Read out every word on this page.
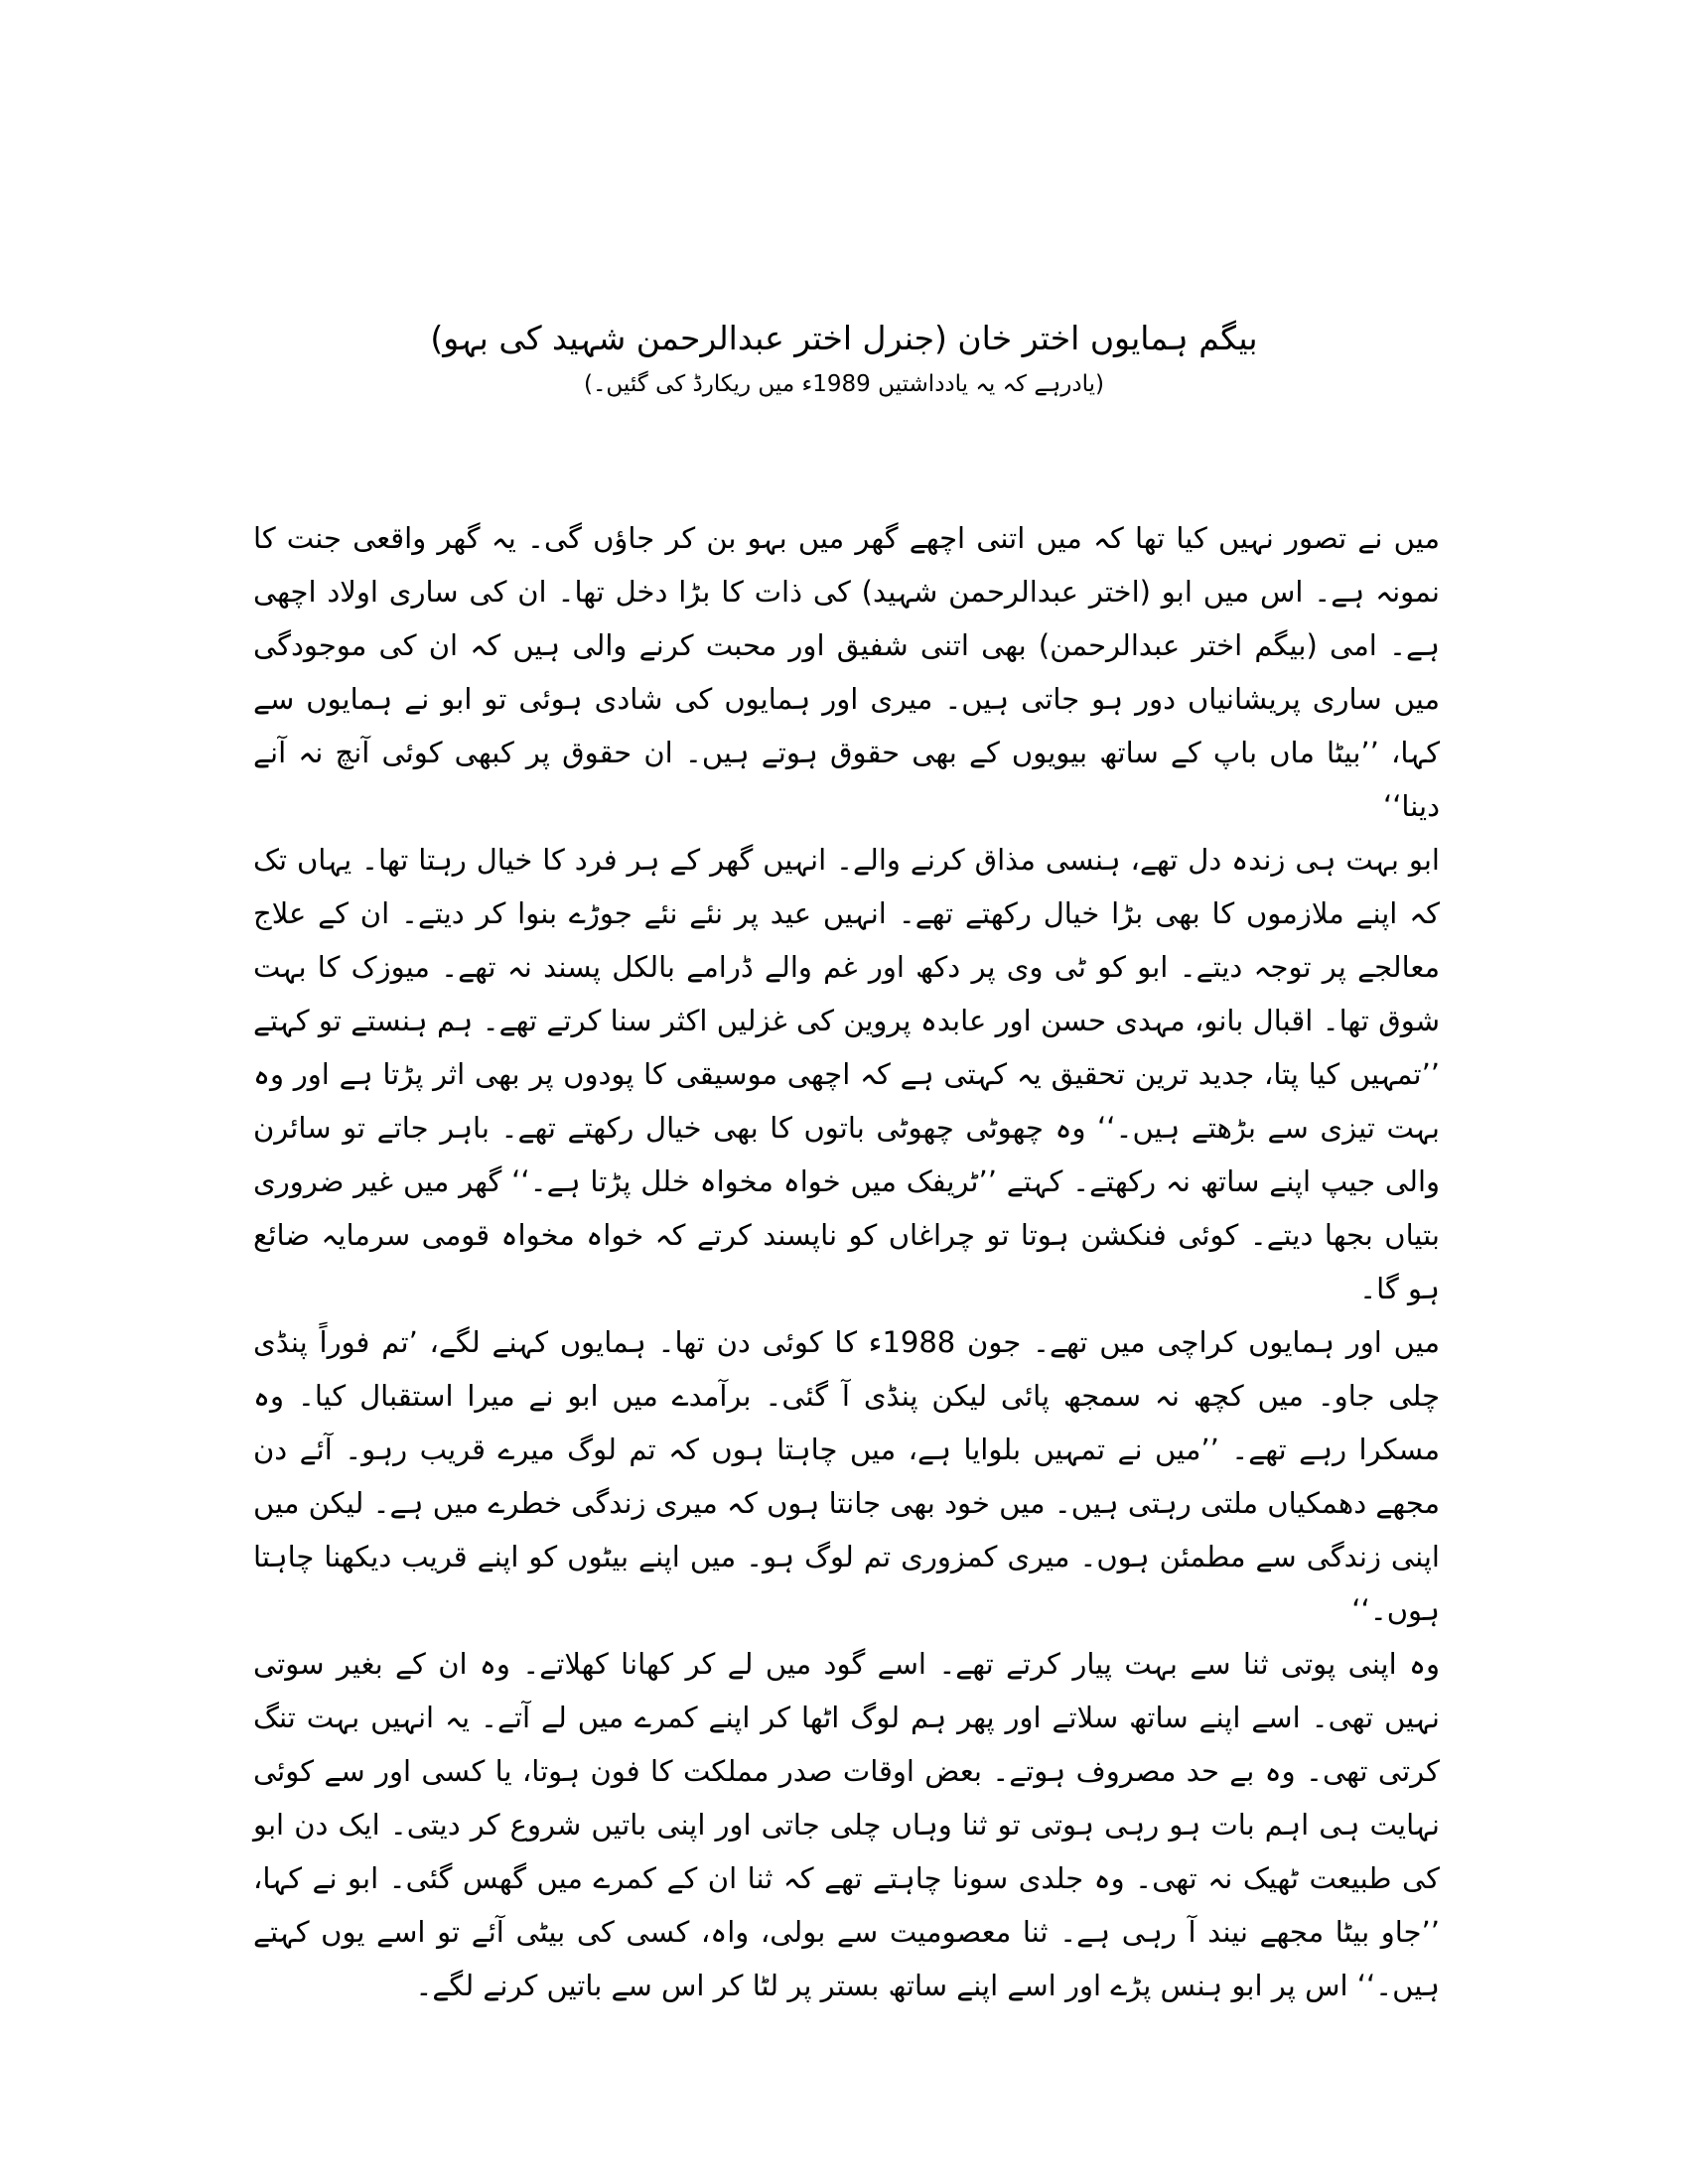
بیگم ہمایوں اختر خان (جنرل اختر عبدالرحمن شہید کی بہو)

(یادرہے کہ یہ یادداشتیں 1989ء میں ریکارڈ کی گئیں۔)

میں نے تصور نہیں کیا تھا کہ میں اتنی اچھے گھر میں بہو بن کر جاؤں گی۔ یہ گھر واقعی جنت کا نمونہ ہے۔ اس میں ابو (اختر عبدالرحمن شہید) کی ذات کا بڑا دخل تھا۔ ان کی ساری اولاد اچھی ہے۔ امی (بیگم اختر عبدالرحمن) بھی اتنی شفیق اور محبت کرنے والی ہیں کہ ان کی موجودگی میں ساری پریشانیاں دور ہو جاتی ہیں۔ میری اور ہمایوں کی شادی ہوئی تو ابو نے ہمایوں سے کہا، ’’بیٹا ماں باپ کے ساتھ بیویوں کے بھی حقوق ہوتے ہیں۔ ان حقوق پر کبھی کوئی آنچ نہ آنے دینا‘‘

ابو بہت ہی زندہ دل تھے، ہنسی مذاق کرنے والے۔ انہیں گھر کے ہر فرد کا خیال رہتا تھا۔ یہاں تک کہ اپنے ملازموں کا بھی بڑا خیال رکھتے تھے۔ انہیں عید پر نئے نئے جوڑے بنوا کر دیتے۔ ان کے علاج معالجے پر توجہ دیتے۔ ابو کو ٹی وی پر دکھ اور غم والے ڈرامے بالکل پسند نہ تھے۔ میوزک کا بہت شوق تھا۔ اقبال بانو، مہدی حسن اور عابدہ پروین کی غزلیں اکثر سنا کرتے تھے۔ ہم ہنستے تو کہتے ’’تمہیں کیا پتا، جدید ترین تحقیق یہ کہتی ہے کہ اچھی موسیقی کا پودوں پر بھی اثر پڑتا ہے اور وہ بہت تیزی سے بڑھتے ہیں۔‘‘ وہ چھوٹی چھوٹی باتوں کا بھی خیال رکھتے تھے۔ باہر جاتے تو سائرن والی جیپ اپنے ساتھ نہ رکھتے۔ کہتے ’’ٹریفک میں خواہ مخواہ خلل پڑتا ہے۔‘‘ گھر میں غیر ضروری بتیاں بجھا دیتے۔ کوئی فنکشن ہوتا تو چراغاں کو ناپسند کرتے کہ خواہ مخواہ قومی سرمایہ ضائع ہو گا۔

میں اور ہمایوں کراچی میں تھے۔ جون 1988ء کا کوئی دن تھا۔ ہمایوں کہنے لگے، ’تم فوراً پنڈی چلی جاو۔ میں کچھ نہ سمجھ پائی لیکن پنڈی آ گئی۔ برآمدے میں ابو نے میرا استقبال کیا۔ وہ مسکرا رہے تھے۔ ’’میں نے تمہیں بلوایا ہے، میں چاہتا ہوں کہ تم لوگ میرے قریب رہو۔ آئے دن مجھے دھمکیاں ملتی رہتی ہیں۔ میں خود بھی جانتا ہوں کہ میری زندگی خطرے میں ہے۔ لیکن میں اپنی زندگی سے مطمئن ہوں۔ میری کمزوری تم لوگ ہو۔ میں اپنے بیٹوں کو اپنے قریب دیکھنا چاہتا ہوں۔‘‘

وہ اپنی پوتی ثنا سے بہت پیار کرتے تھے۔ اسے گود میں لے کر کھانا کھلاتے۔ وہ ان کے بغیر سوتی نہیں تھی۔ اسے اپنے ساتھ سلاتے اور پھر ہم لوگ اٹھا کر اپنے کمرے میں لے آتے۔ یہ انہیں بہت تنگ کرتی تھی۔ وہ بے حد مصروف ہوتے۔ بعض اوقات صدر مملکت کا فون ہوتا، یا کسی اور سے کوئی نہایت ہی اہم بات ہو رہی ہوتی تو ثنا وہاں چلی جاتی اور اپنی باتیں شروع کر دیتی۔ ایک دن ابو کی طبیعت ٹھیک نہ تھی۔ وہ جلدی سونا چاہتے تھے کہ ثنا ان کے کمرے میں گھس گئی۔ ابو نے کہا، ’’جاو بیٹا مجھے نیند آ رہی ہے۔ ثنا معصومیت سے بولی، واہ، کسی کی بیٹی آئے تو اسے یوں کہتے ہیں۔‘‘ اس پر ابو ہنس پڑے اور اسے اپنے ساتھ بستر پر لٹا کر اس سے باتیں کرنے لگے۔
